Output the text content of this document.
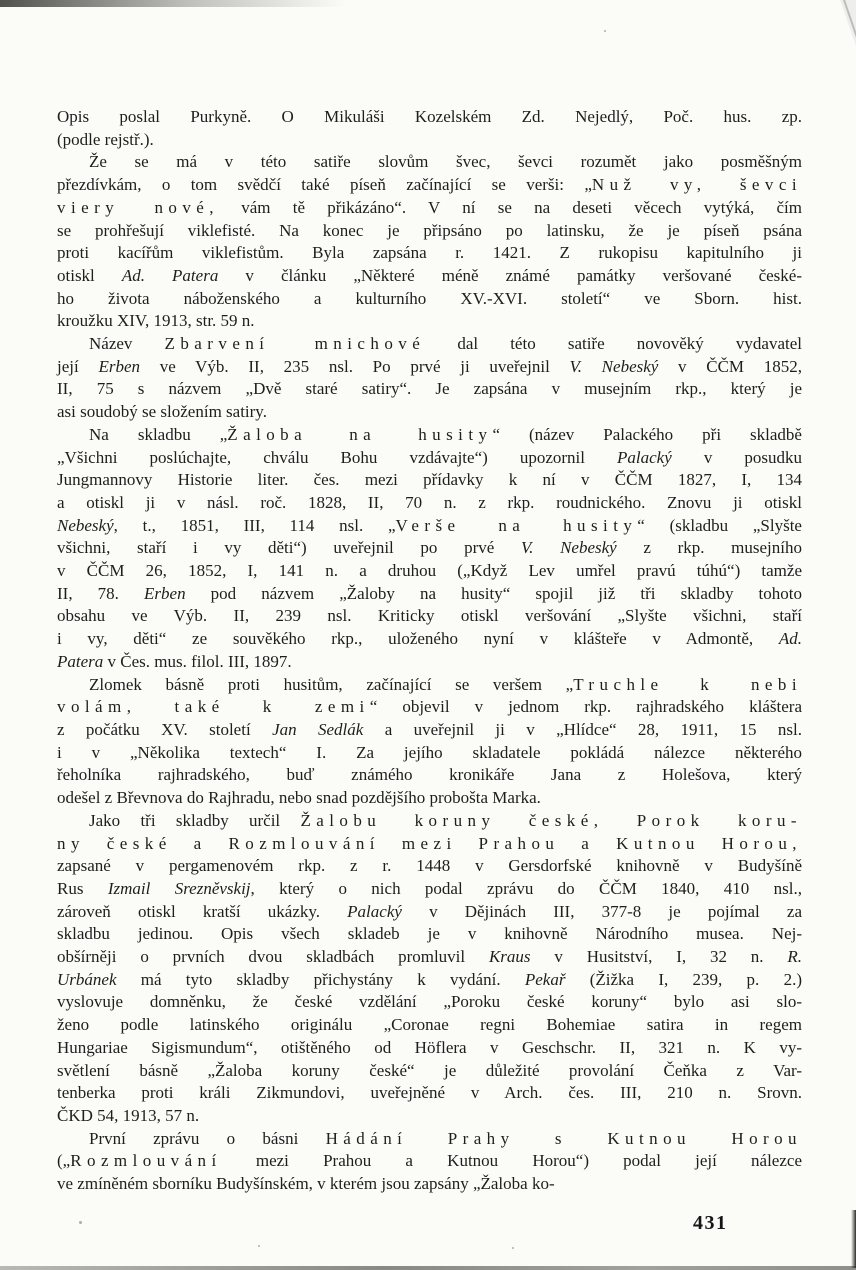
Opis poslal Purkyně. O Mikuláši Kozelském Zd. Nejedlý, Poč. hus. zp.
(podle rejstř.).
Že se má v této satiře slovům švec, ševci rozumět jako posměšným
přezdívkám, o tom svědčí také píseň začínající se verši: „Nuž vy, ševci
viery nové, vám tě přikázáno“. V ní se na deseti věcech vytýká, čím
se prohřešují viklefisté. Na konec je připsáno po latinsku, že je píseň psána
proti kacířům viklefistům. Byla zapsána r. 1421. Z rukopisu kapitulního ji
otiskl Ad. Patera v článku „Některé méně známé památky veršované české-
ho života náboženského a kulturního XV.-XVI. století“ ve Sborn. hist.
kroužku XIV, 1913, str. 59 n.
Název Zbarvení mnichové dal této satiře novověký vydavatel
její Erben ve Výb. II, 235 nsl. Po prvé ji uveřejnil V. Nebeský v ČČM 1852,
II, 75 s názvem „Dvě staré satiry“. Je zapsána v musejním rkp., který je
asi soudobý se složením satiry.
Na skladbu „Žaloba na husity“ (název Palackého při skladbě
„Všichni poslúchajte, chválu Bohu vzdávajte“) upozornil Palacký v posudku
Jungmannovy Historie liter. čes. mezi přídavky k ní v ČČM 1827, I, 134
a otiskl ji v násl. roč. 1828, II, 70 n. z rkp. roudnického. Znovu ji otiskl
Nebeský, t., 1851, III, 114 nsl. „Verše na husity“ (skladbu „Slyšte
všichni, staří i vy děti“) uveřejnil po prvé V. Nebeský z rkp. musejního
v ČČM 26, 1852, I, 141 n. a druhou („Když Lev umřel pravú túhú“) tamže
II, 78. Erben pod názvem „Žaloby na husity“ spojil již tři skladby tohoto
obsahu ve Výb. II, 239 nsl. Kriticky otiskl veršování „Slyšte všichni, staří
i vy, děti“ ze souvěkého rkp., uloženého nyní v klášteře v Admontě, Ad.
Patera v Čes. mus. filol. III, 1897.
Zlomek básně proti husitům, začínající se veršem „Truchle k nebi
volám, také k zemi“ objevil v jednom rkp. rajhradského kláštera
z počátku XV. století Jan Sedlák a uveřejnil ji v „Hlídce“ 28, 1911, 15 nsl.
i v „Několika textech“ I. Za jejího skladatele pokládá nálezce některého
řeholníka rajhradského, buď známého kronikáře Jana z Holešova, který
odešel z Břevnova do Rajhradu, nebo snad pozdějšího probošta Marka.
Jako tři skladby určil Žalobu koruny české, Porok koru-
ny české a Rozmlouvání mezi Prahou a Kutnou Horou,
zapsané v pergamenovém rkp. z r. 1448 v Gersdorfské knihovně v Budyšíně
Rus Izmail Srezněvskij, který o nich podal zprávu do ČČM 1840, 410 nsl.,
zároveň otiskl kratší ukázky. Palacký v Dějinách III, 377-8 je pojímal za
skladbu jedinou. Opis všech skladeb je v knihovně Národního musea. Nej-
obšírněji o prvních dvou skladbách promluvil Kraus v Husitství, I, 32 n. R.
Urbánek má tyto skladby přichystány k vydání. Pekař (Žižka I, 239, p. 2.)
vyslovuje domněnku, že české vzdělání „Poroku české koruny“ bylo asi slo-
ženo podle latinského originálu „Coronae regni Bohemiae satira in regem
Hungariae Sigismundum“, otištěného od Höflera v Geschschr. II, 321 n. K vy-
světlení básně „Žaloba koruny české“ je důležité provolání Čeňka z Var-
tenberka proti králi Zikmundovi, uveřejněné v Arch. čes. III, 210 n. Srovn.
ČKD 54, 1913, 57 n.
První zprávu o básni Hádání Prahy s Kutnou Horou
(„Rozmlouvání mezi Prahou a Kutnou Horou“) podal její nálezce
ve zmíněném sborníku Budyšínském, v kterém jsou zapsány „Žaloba ko-
431
